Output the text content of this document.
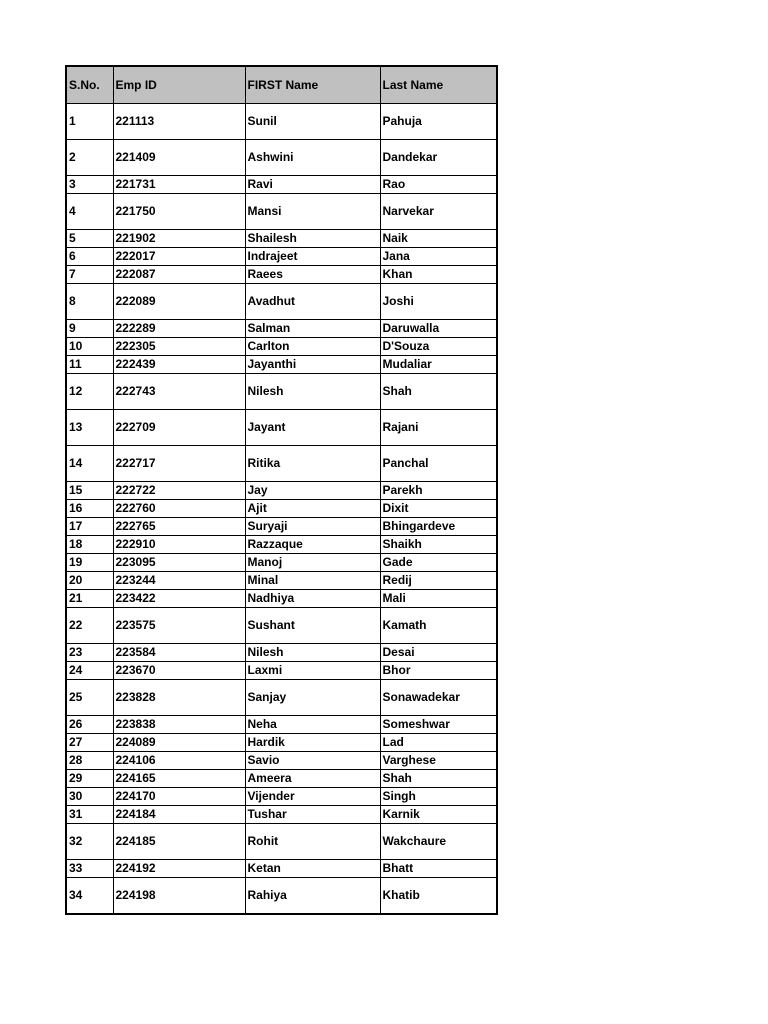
S.No.	Emp ID	FIRST Name	Last Name
1	221113	Sunil	Pahuja
2	221409	Ashwini	Dandekar
3	221731	Ravi	Rao
4	221750	Mansi	Narvekar
5	221902	Shailesh	Naik
6	222017	Indrajeet	Jana
7	222087	Raees	Khan
8	222089	Avadhut	Joshi
9	222289	Salman	Daruwalla
10	222305	Carlton	D'Souza
11	222439	Jayanthi	Mudaliar
12	222743	Nilesh	Shah
13	222709	Jayant	Rajani
14	222717	Ritika	Panchal
15	222722	Jay	Parekh
16	222760	Ajit	Dixit
17	222765	Suryaji	Bhingardeve
18	222910	Razzaque	Shaikh
19	223095	Manoj	Gade
20	223244	Minal	Redij
21	223422	Nadhiya	Mali
22	223575	Sushant	Kamath
23	223584	Nilesh	Desai
24	223670	Laxmi	Bhor
25	223828	Sanjay	Sonawadekar
26	223838	Neha	Someshwar
27	224089	Hardik	Lad
28	224106	Savio	Varghese
29	224165	Ameera	Shah
30	224170	Vijender	Singh
31	224184	Tushar	Karnik
32	224185	Rohit	Wakchaure
33	224192	Ketan	Bhatt
34	224198	Rahiya	Khatib
